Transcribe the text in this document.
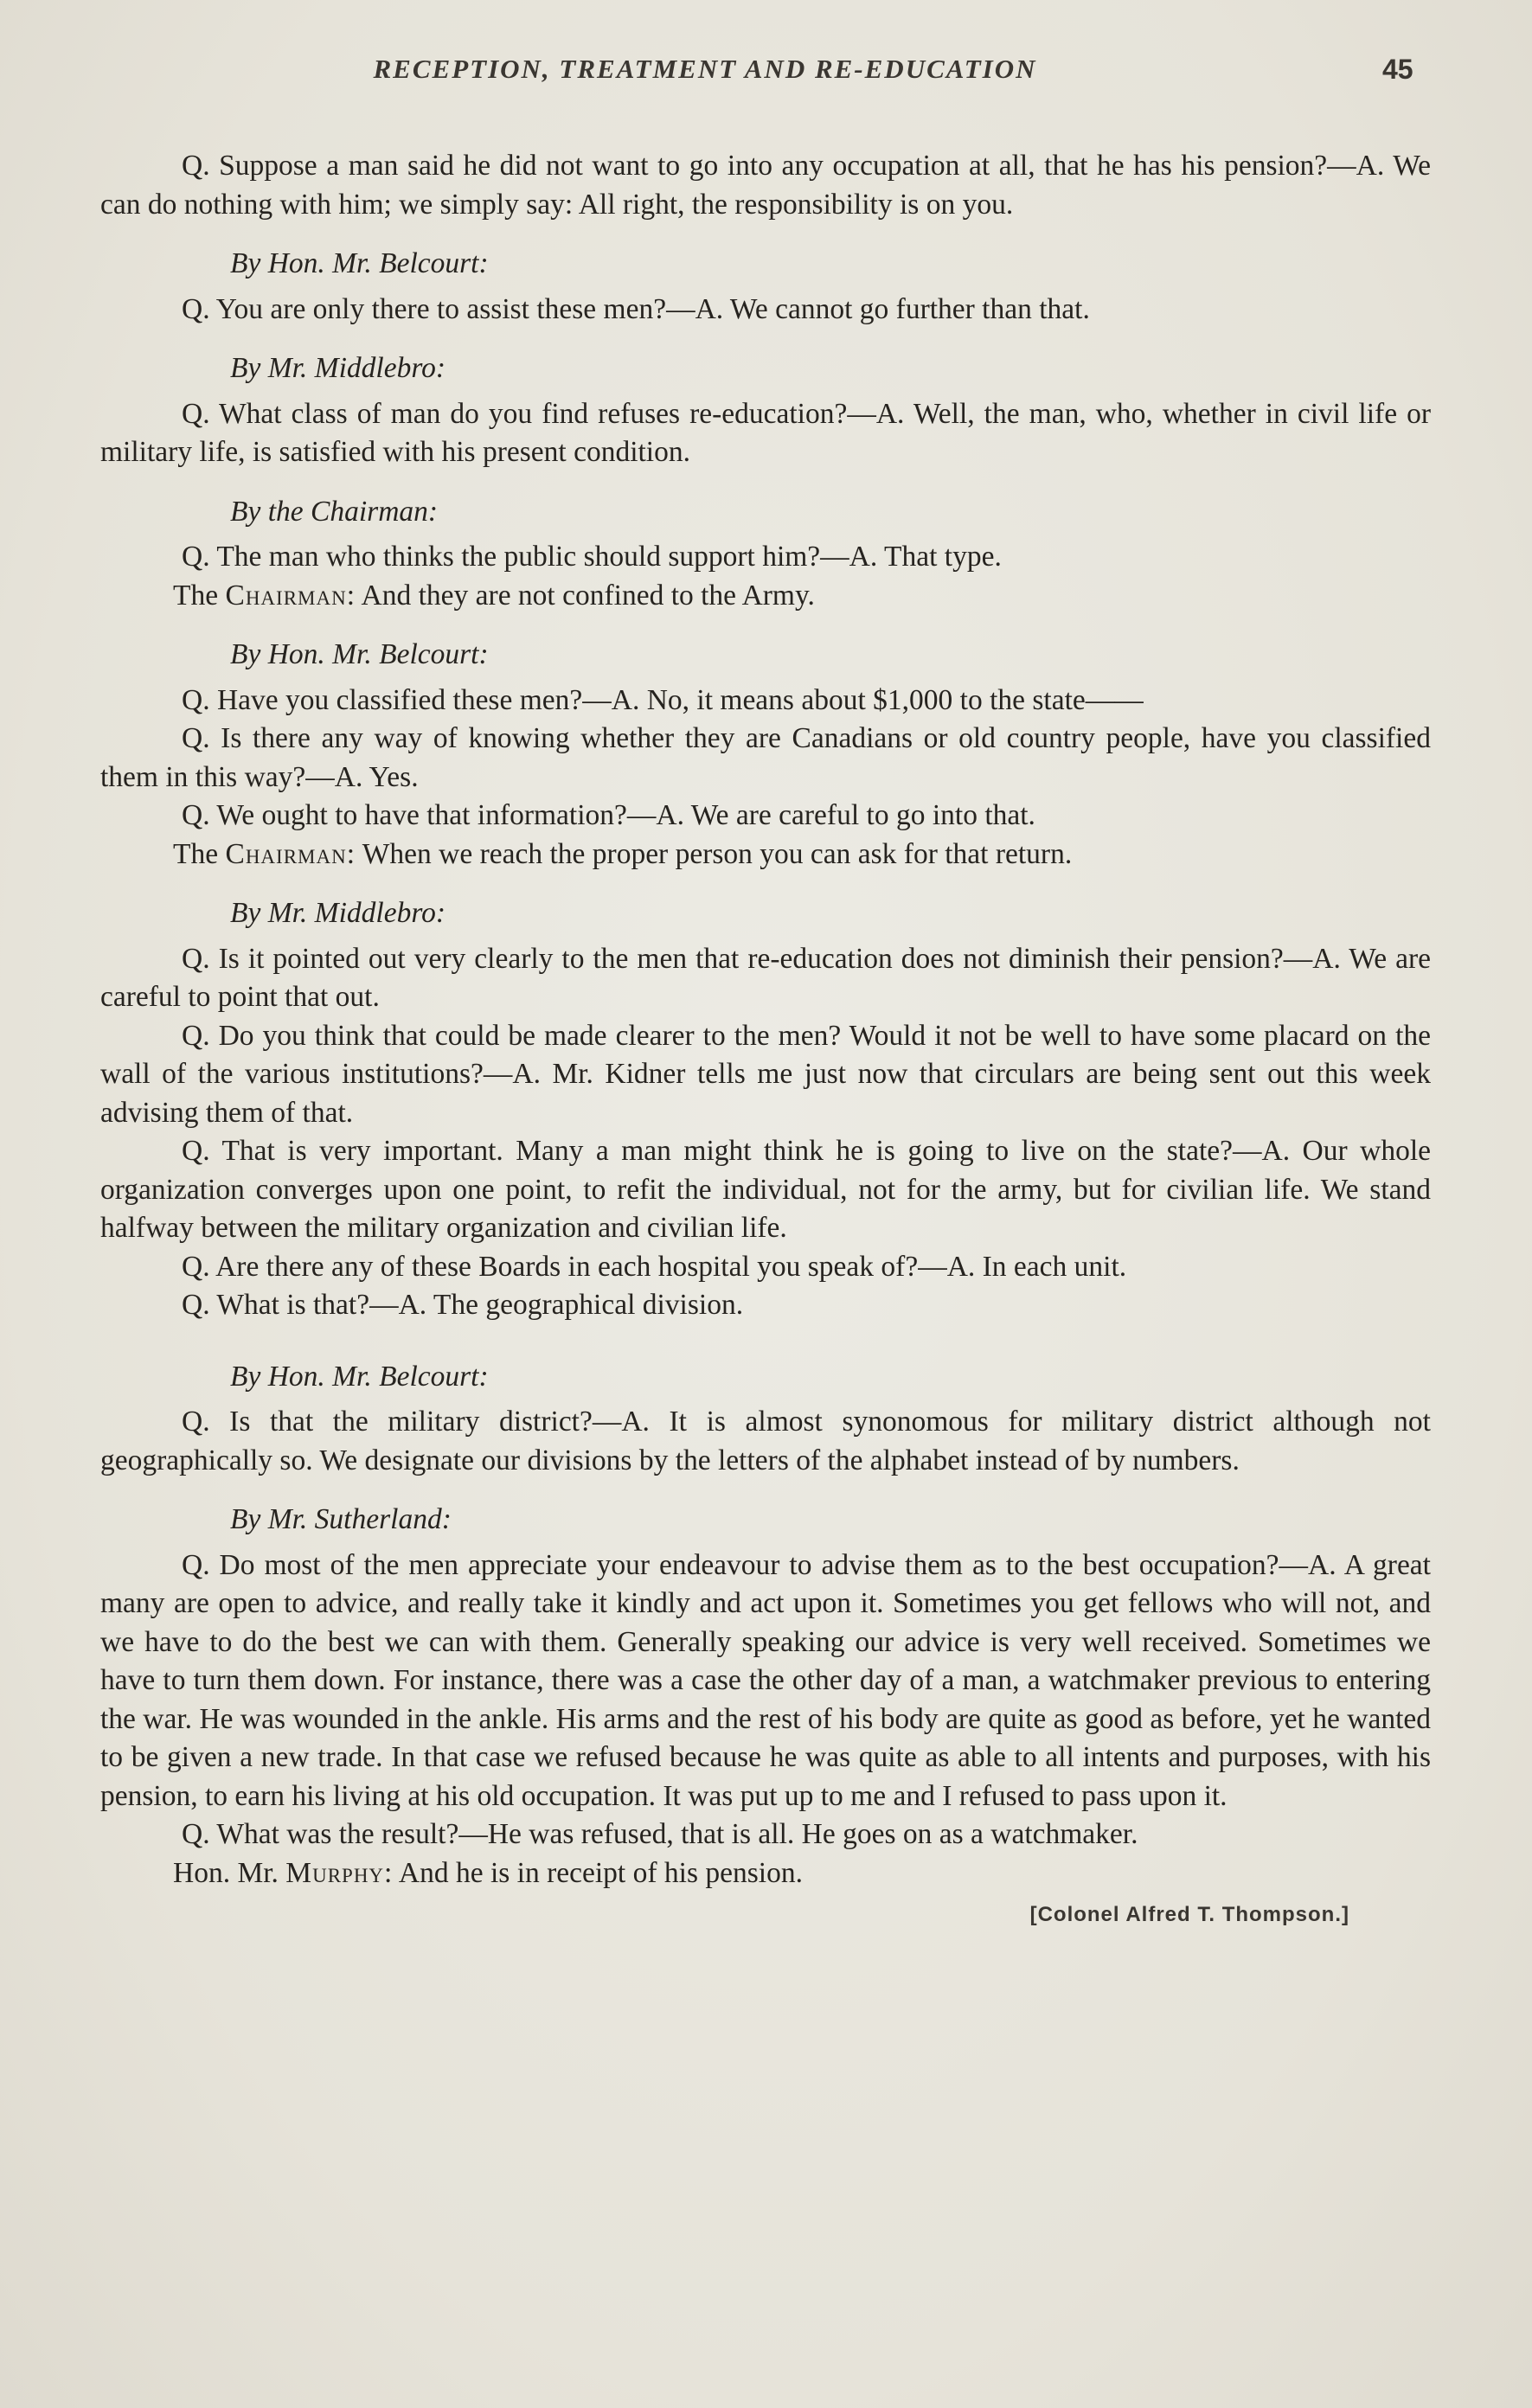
RECEPTION, TREATMENT AND RE-EDUCATION	45

Q. Suppose a man said he did not want to go into any occupation at all, that he has his pension?—A. We can do nothing with him; we simply say: All right, the responsibility is on you.

By Hon. Mr. Belcourt:

Q. You are only there to assist these men?—A. We cannot go further than that.

By Mr. Middlebro:

Q. What class of man do you find refuses re-education?—A. Well, the man, who, whether in civil life or military life, is satisfied with his present condition.

By the Chairman:

Q. The man who thinks the public should support him?—A. That type.

The Chairman: And they are not confined to the Army.

By Hon. Mr. Belcourt:

Q. Have you classified these men?—A. No, it means about $1,000 to the state——

Q. Is there any way of knowing whether they are Canadians or old country people, have you classified them in this way?—A. Yes.

Q. We ought to have that information?—A. We are careful to go into that.

The Chairman: When we reach the proper person you can ask for that return.

By Mr. Middlebro:

Q. Is it pointed out very clearly to the men that re-education does not diminish their pension?—A. We are careful to point that out.

Q. Do you think that could be made clearer to the men? Would it not be well to have some placard on the wall of the various institutions?—A. Mr. Kidner tells me just now that circulars are being sent out this week advising them of that.

Q. That is very important. Many a man might think he is going to live on the state?—A. Our whole organization converges upon one point, to refit the individual, not for the army, but for civilian life. We stand halfway between the military organization and civilian life.

Q. Are there any of these Boards in each hospital you speak of?—A. In each unit.

Q. What is that?—A. The geographical division.

By Hon. Mr. Belcourt:

Q. Is that the military district?—A. It is almost synonomous for military district although not geographically so. We designate our divisions by the letters of the alphabet instead of by numbers.

By Mr. Sutherland:

Q. Do most of the men appreciate your endeavour to advise them as to the best occupation?—A. A great many are open to advice, and really take it kindly and act upon it. Sometimes you get fellows who will not, and we have to do the best we can with them. Generally speaking our advice is very well received. Sometimes we have to turn them down. For instance, there was a case the other day of a man, a watchmaker previous to entering the war. He was wounded in the ankle. His arms and the rest of his body are quite as good as before, yet he wanted to be given a new trade. In that case we refused because he was quite as able to all intents and purposes, with his pension, to earn his living at his old occupation. It was put up to me and I refused to pass upon it.

Q. What was the result?—He was refused, that is all. He goes on as a watchmaker.

Hon. Mr. Murphy: And he is in receipt of his pension.

[Colonel Alfred T. Thompson.]
